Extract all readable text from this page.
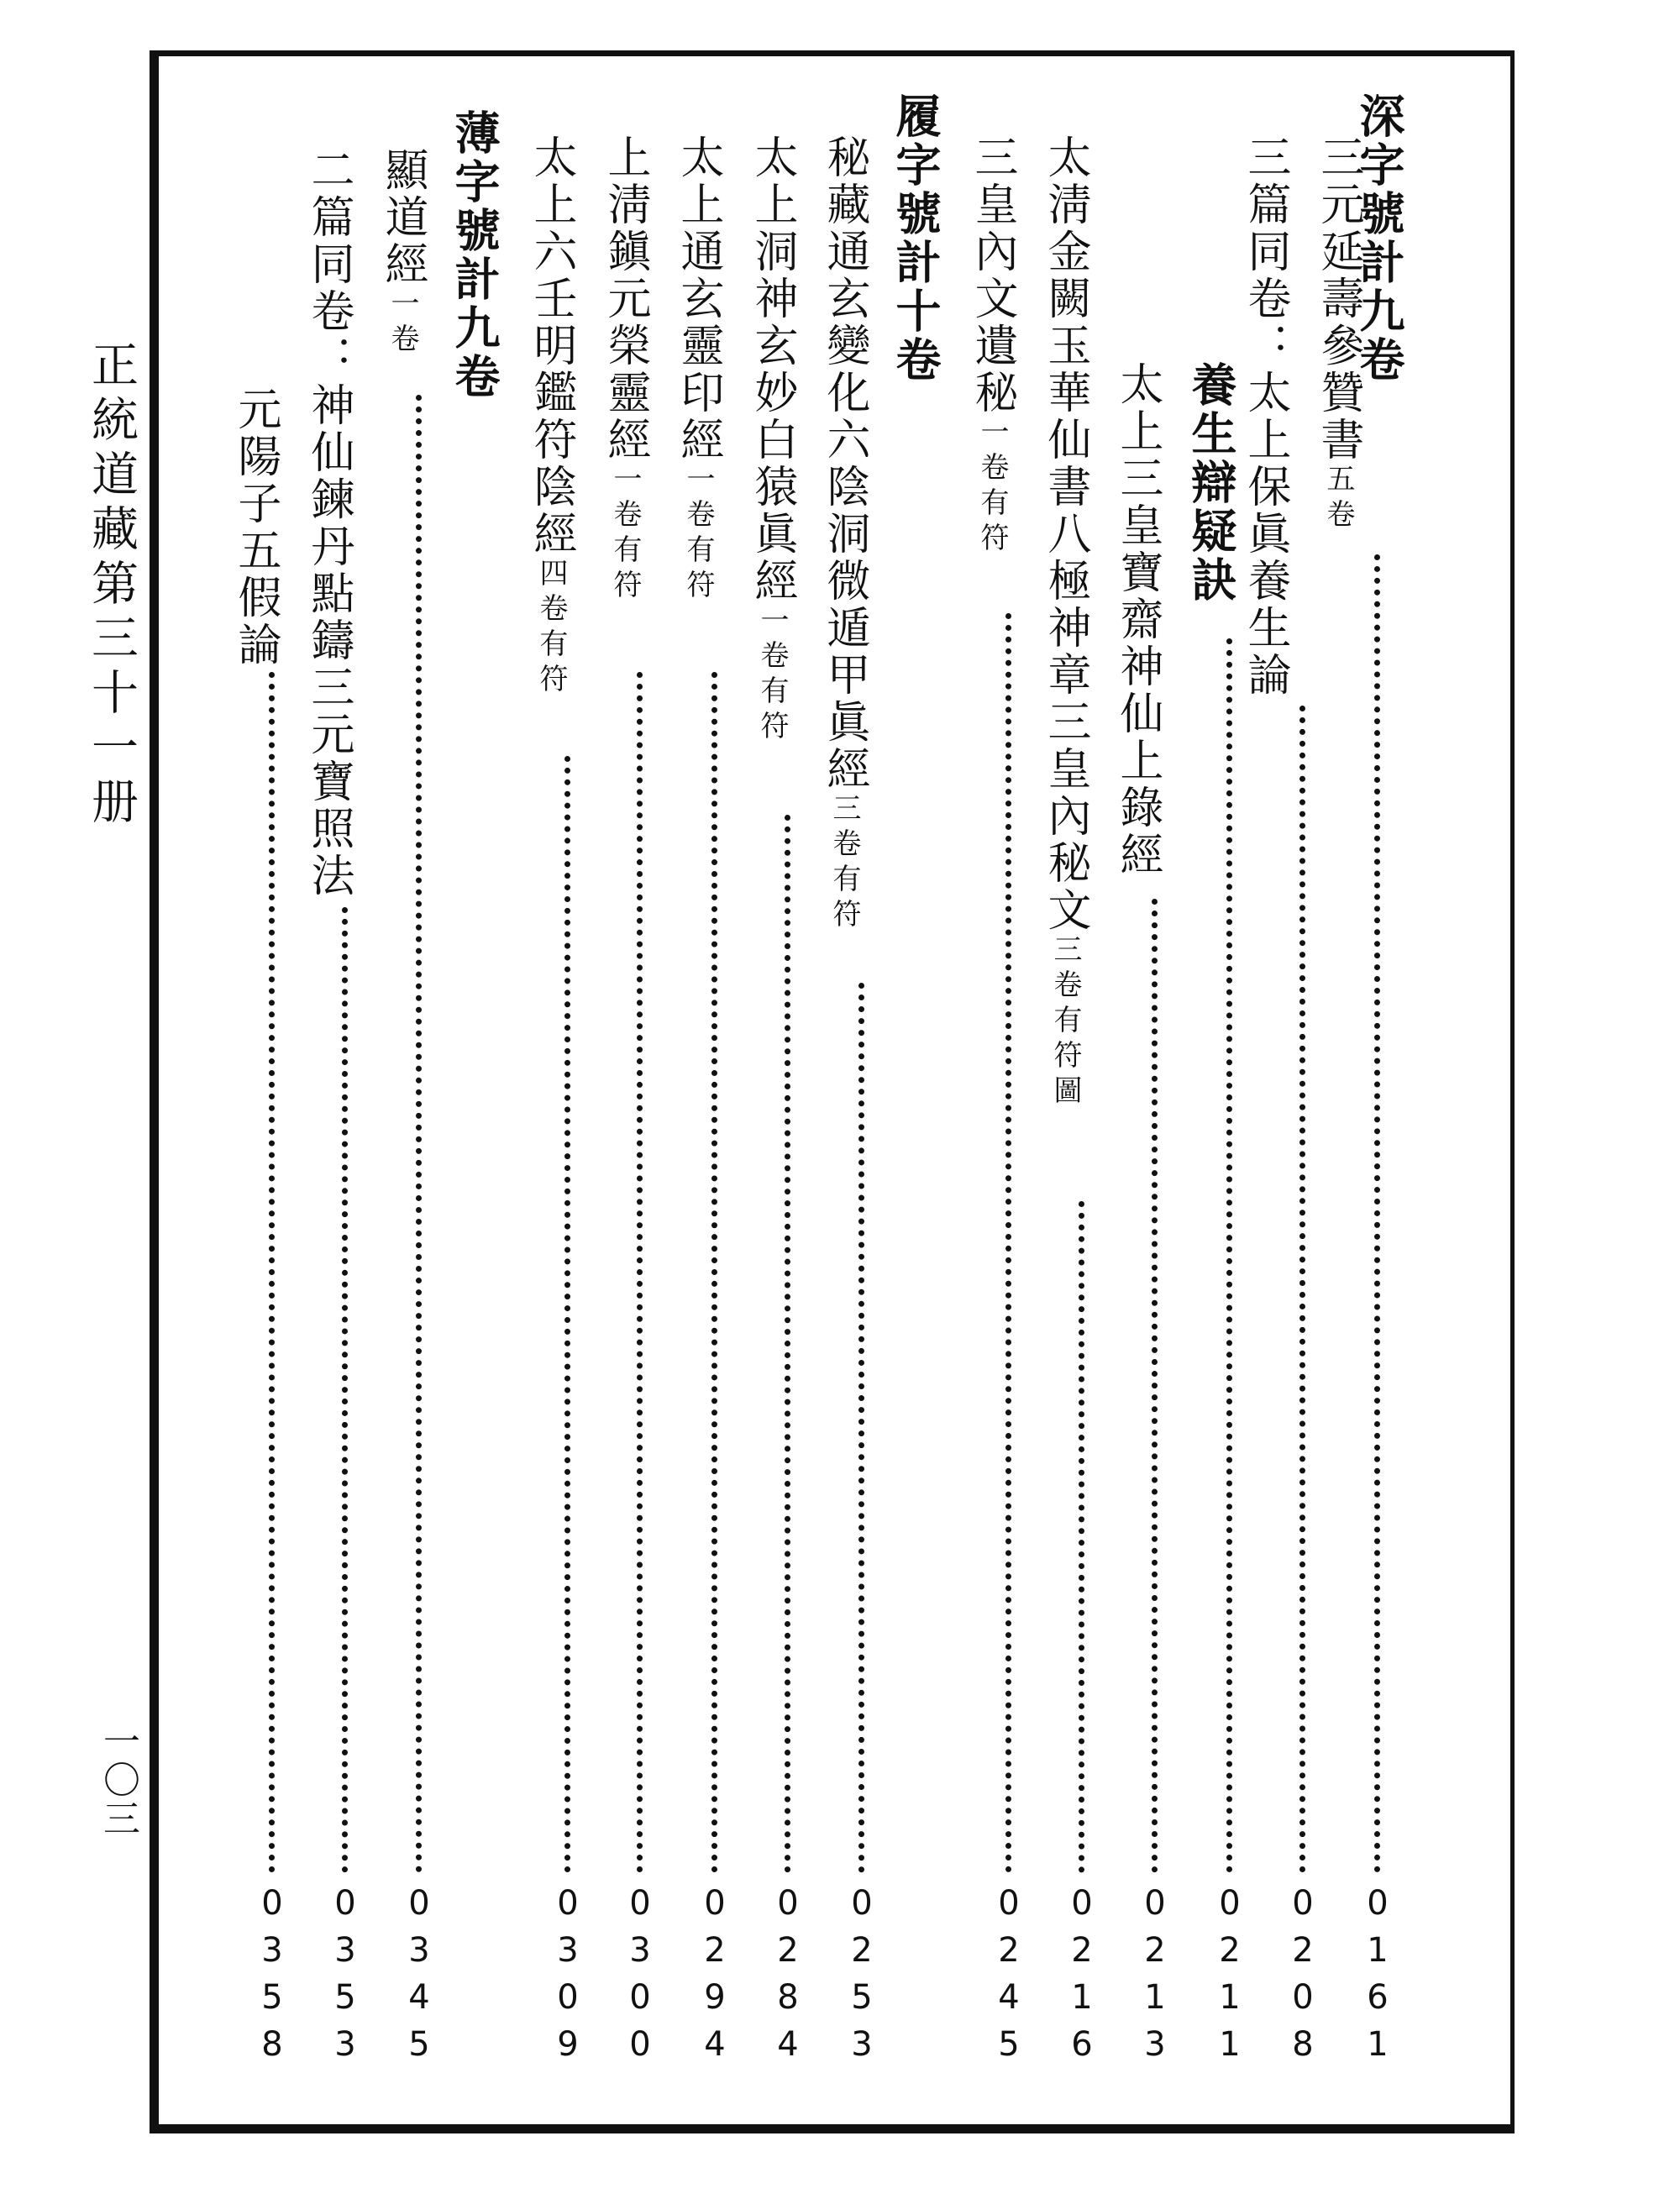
深字號計九卷
三元延壽參贊書五卷
0
1
6
1
三篇同卷：太上保眞養生論
0
2
0
8
養生辯疑訣
0
2
1
1
太上三皇寶齋神仙上錄經
0
2
1
3
太淸金闕玉華仙書八極神章三皇內秘文三卷有符圖
0
2
1
6
三皇內文遺秘一卷有符
0
2
4
5
履字號計十卷
秘藏通玄變化六陰洞微遁甲眞經三卷有符
0
2
5
3
太上洞神玄妙白猿眞經一卷有符
0
2
8
4
太上通玄靈印經一卷有符
0
2
9
4
上淸鎭元榮靈經一卷有符
0
3
0
0
太上六壬明鑑符陰經四卷有符
0
3
0
9
薄字號計九卷
顯道經一卷
0
3
4
5
二篇同卷：神仙鍊丹點鑄三元寶照法
0
3
5
3
元陽子五假論
0
3
5
8
正統道藏第三十一册
一〇三
